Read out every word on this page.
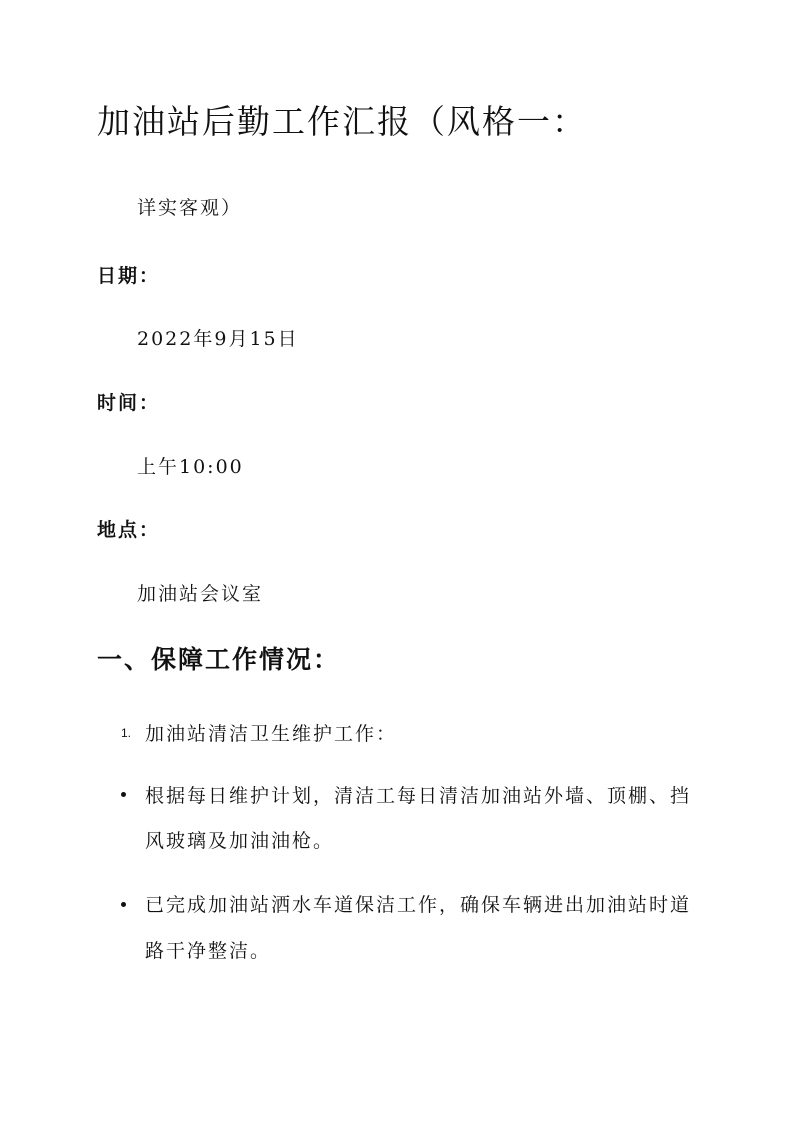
加油站后勤工作汇报（风格一：
详实客观）
日期：
2022年9月15日
时间：
上午10:00
地点：
加油站会议室
一、保障工作情况：
1. 加油站清洁卫生维护工作：
根据每日维护计划，清洁工每日清洁加油站外墙、顶棚、挡
风玻璃及加油油枪。
已完成加油站洒水车道保洁工作，确保车辆进出加油站时道
路干净整洁。
